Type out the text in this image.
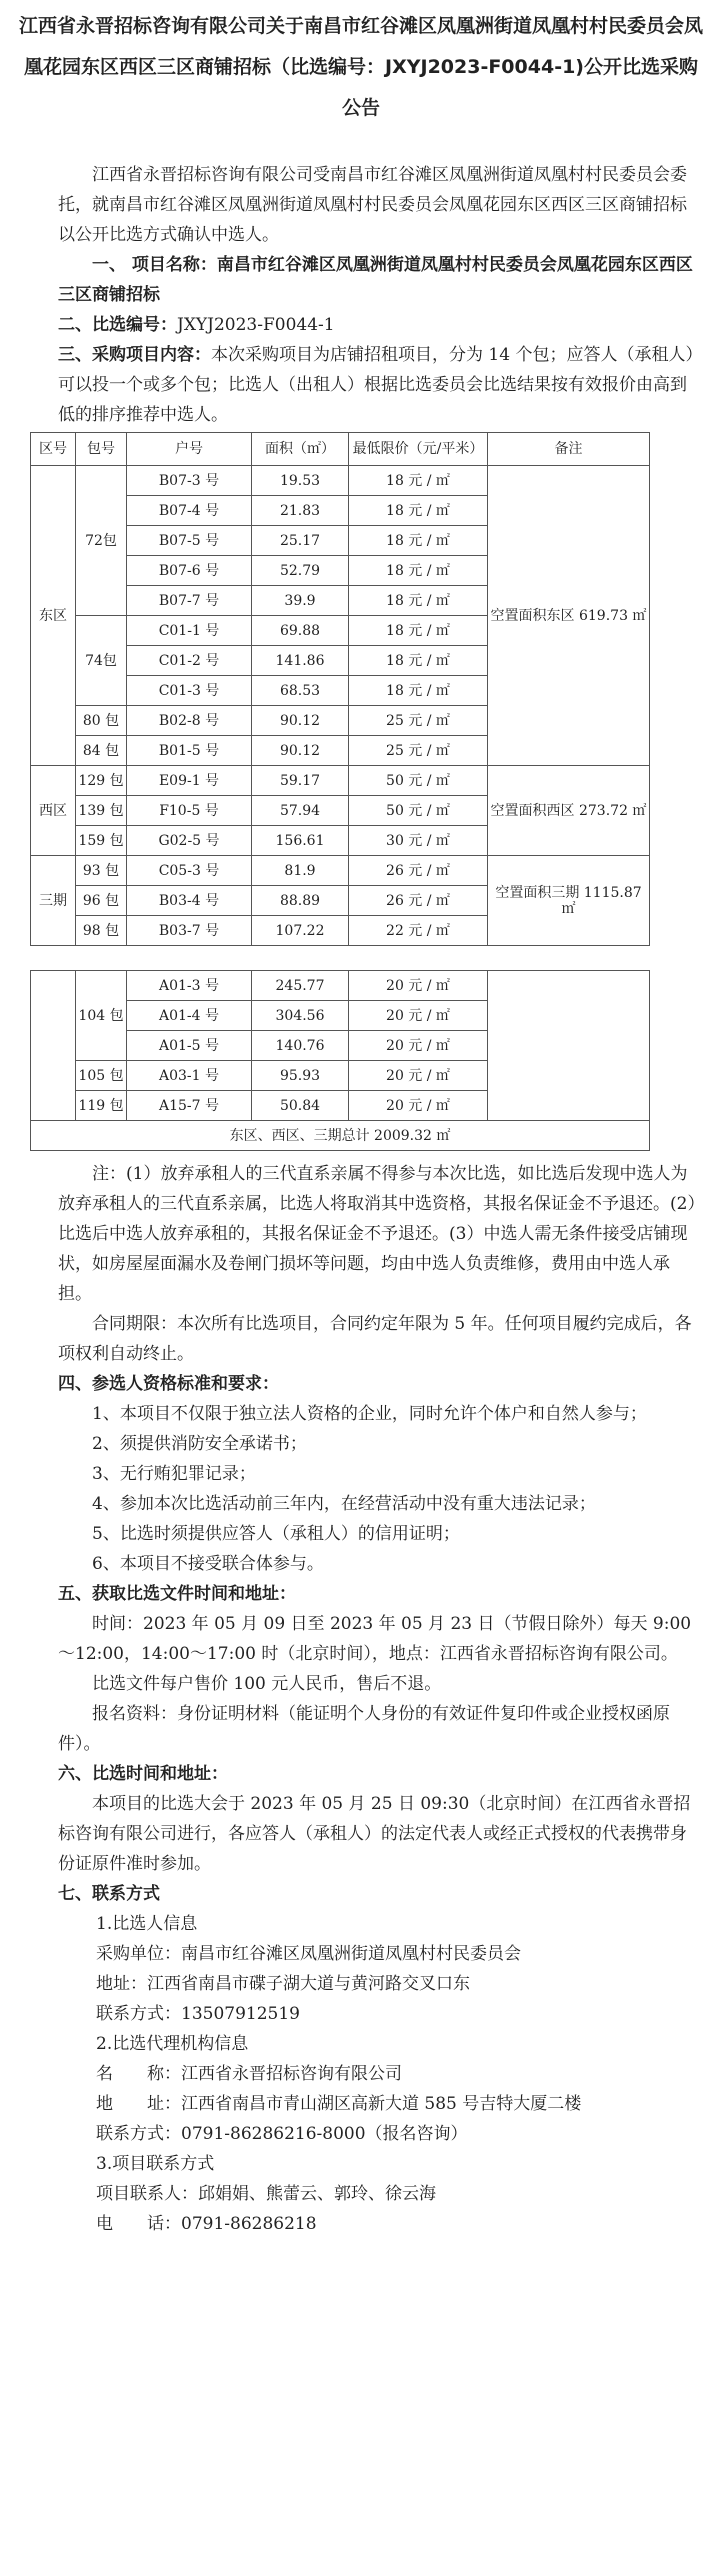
江西省永晋招标咨询有限公司关于南昌市红谷滩区凤凰洲街道凤凰村村民委员会凤凰花园东区西区三区商铺招标（比选编号：JXYJ2023-F0044-1)公开比选采购公告

江西省永晋招标咨询有限公司受南昌市红谷滩区凤凰洲街道凤凰村村民委员会委托，就南昌市红谷滩区凤凰洲街道凤凰村村民委员会凤凰花园东区西区三区商铺招标以公开比选方式确认中选人。

一、 项目名称：南昌市红谷滩区凤凰洲街道凤凰村村民委员会凤凰花园东区西区三区商铺招标

二、比选编号：JXYJ2023-F0044-1

三、采购项目内容：本次采购项目为店铺招租项目，分为 14 个包；应答人（承租人）可以投一个或多个包；比选人（出租人）根据比选委员会比选结果按有效报价由高到低的排序推荐中选人。

区号	包号	户号	面积（㎡）	最低限价（元/平米）	备注
东区	72包	B07-3 号	19.53	18 元 / ㎡	空置面积东区 619.73 ㎡
		B07-4 号	21.83	18 元 / ㎡	
		B07-5 号	25.17	18 元 / ㎡	
		B07-6 号	52.79	18 元 / ㎡	
		B07-7 号	39.9	18 元 / ㎡	
	74包	C01-1 号	69.88	18 元 / ㎡	
		C01-2 号	141.86	18 元 / ㎡	
		C01-3 号	68.53	18 元 / ㎡	
	80 包	B02-8 号	90.12	25 元 / ㎡	
	84 包	B01-5 号	90.12	25 元 / ㎡	
西区	129 包	E09-1 号	59.17	50 元 / ㎡	空置面积西区 273.72 ㎡
	139 包	F10-5 号	57.94	50 元 / ㎡	
	159 包	G02-5 号	156.61	30 元 / ㎡	
三期	93 包	C05-3 号	81.9	26 元 / ㎡	空置面积三期 1115.87 ㎡
	96 包	B03-4 号	88.89	26 元 / ㎡	
	98 包	B03-7 号	107.22	22 元 / ㎡	

	104 包	A01-3 号	245.77	20 元 / ㎡	
		A01-4 号	304.56	20 元 / ㎡	
		A01-5 号	140.76	20 元 / ㎡	
	105 包	A03-1 号	95.93	20 元 / ㎡	
	119 包	A15-7 号	50.84	20 元 / ㎡	
东区、西区、三期总计 2009.32 ㎡					

注：(1）放弃承租人的三代直系亲属不得参与本次比选，如比选后发现中选人为放弃承租人的三代直系亲属，比选人将取消其中选资格，其报名保证金不予退还。(2）比选后中选人放弃承租的，其报名保证金不予退还。(3）中选人需无条件接受店铺现状，如房屋屋面漏水及卷闸门损坏等问题，均由中选人负责维修，费用由中选人承担。

合同期限：本次所有比选项目，合同约定年限为 5 年。任何项目履约完成后，各项权利自动终止。

四、参选人资格标准和要求：

1、本项目不仅限于独立法人资格的企业，同时允许个体户和自然人参与；

2、须提供消防安全承诺书；

3、无行贿犯罪记录；

4、参加本次比选活动前三年内，在经营活动中没有重大违法记录；

5、比选时须提供应答人（承租人）的信用证明；

6、本项目不接受联合体参与。

五、获取比选文件时间和地址：

时间：2023 年 05 月 09 日至 2023 年 05 月 23 日（节假日除外）每天 9:00～12:00，14:00～17:00 时（北京时间），地点：江西省永晋招标咨询有限公司。

比选文件每户售价 100 元人民币，售后不退。

报名资料：身份证明材料（能证明个人身份的有效证件复印件或企业授权函原件）。

六、比选时间和地址：

本项目的比选大会于 2023 年 05 月 25 日 09:30（北京时间）在江西省永晋招标咨询有限公司进行，各应答人（承租人）的法定代表人或经正式授权的代表携带身份证原件准时参加。

七、联系方式

1.比选人信息

采购单位：南昌市红谷滩区凤凰洲街道凤凰村村民委员会

地址：江西省南昌市碟子湖大道与黄河路交叉口东

联系方式：13507912519

2.比选代理机构信息

名　　称：江西省永晋招标咨询有限公司

地　　址：江西省南昌市青山湖区高新大道 585 号吉特大厦二楼

联系方式：0791-86286216-8000（报名咨询）

3.项目联系方式

项目联系人：邱娟娟、熊蕾云、郭玲、徐云海

电　　话：0791-86286218
